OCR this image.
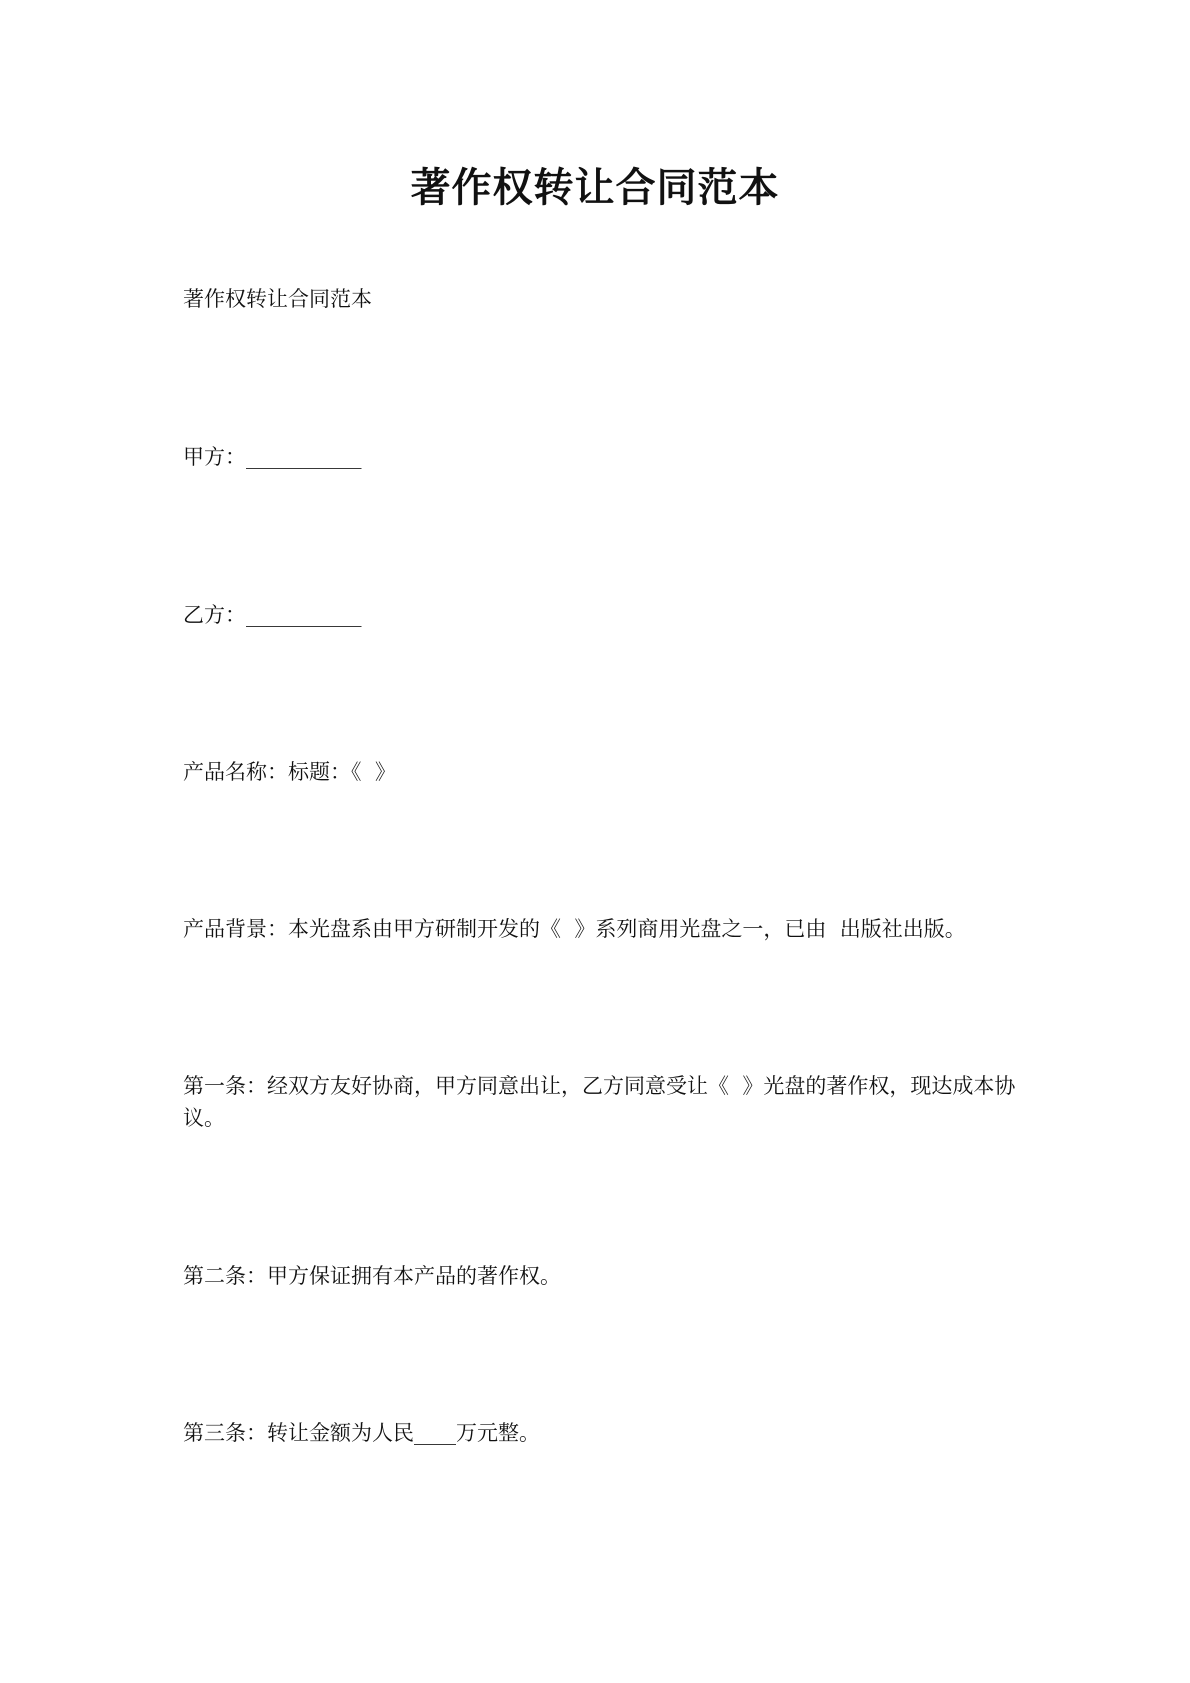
著作权转让合同范本

著作权转让合同范本

甲方：___________

乙方：___________

产品名称：标题：《  》

产品背景：本光盘系由甲方研制开发的《  》系列商用光盘之一，已由  出版社出版。

第一条：经双方友好协商，甲方同意出让，乙方同意受让《  》光盘的著作权，现达成本协议。

第二条：甲方保证拥有本产品的著作权。

第三条：转让金额为人民____万元整。
